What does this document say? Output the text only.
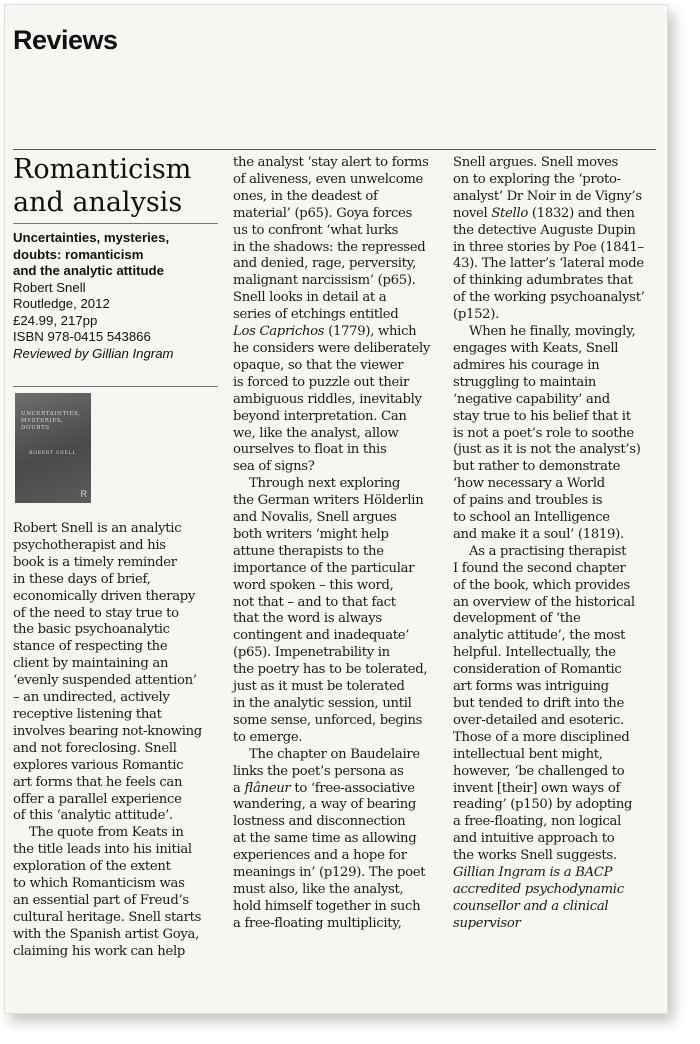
Reviews
Romanticism
and analysis
Uncertainties, mysteries,
doubts: romanticism
and the analytic attitude
Robert Snell
Routledge, 2012
£24.99, 217pp
ISBN 978-0415 543866
Reviewed by Gillian Ingram
UNCERTAINTIES, MYSTERIES, DOUBTS
ROBERT SNELL
R

Robert Snell is an analytic
psychotherapist and his
book is a timely reminder
in these days of brief,
economically driven therapy
of the need to stay true to
the basic psychoanalytic
stance of respecting the
client by maintaining an
‘evenly suspended attention’
– an undirected, actively
receptive listening that
involves bearing not-knowing
and not foreclosing. Snell
explores various Romantic
art forms that he feels can
offer a parallel experience
of this ‘analytic attitude’.

The quote from Keats in
the title leads into his initial
exploration of the extent
to which Romanticism was
an essential part of Freud’s
cultural heritage. Snell starts
with the Spanish artist Goya,
claiming his work can help

the analyst ‘stay alert to forms
of aliveness, even unwelcome
ones, in the deadest of
material’ (p65). Goya forces
us to confront ‘what lurks
in the shadows: the repressed
and denied, rage, perversity,
malignant narcissism’ (p65).
Snell looks in detail at a
series of etchings entitled
Los Caprichos (1779), which
he considers were deliberately
opaque, so that the viewer
is forced to puzzle out their
ambiguous riddles, inevitably
beyond interpretation. Can
we, like the analyst, allow
ourselves to float in this
sea of signs?

Through next exploring
the German writers Hölderlin
and Novalis, Snell argues
both writers ‘might help
attune therapists to the
importance of the particular
word spoken – this word,
not that – and to that fact
that the word is always
contingent and inadequate’
(p65). Impenetrability in
the poetry has to be tolerated,
just as it must be tolerated
in the analytic session, until
some sense, unforced, begins
to emerge.

The chapter on Baudelaire
links the poet’s persona as
a flâneur to ‘free-associative
wandering, a way of bearing
lostness and disconnection
at the same time as allowing
experiences and a hope for
meanings in’ (p129). The poet
must also, like the analyst,
hold himself together in such
a free-floating multiplicity,

Snell argues. Snell moves
on to exploring the ‘proto-
analyst’ Dr Noir in de Vigny’s
novel Stello (1832) and then
the detective Auguste Dupin
in three stories by Poe (1841–
43). The latter’s ‘lateral mode
of thinking adumbrates that
of the working psychoanalyst’
(p152).

When he finally, movingly,
engages with Keats, Snell
admires his courage in
struggling to maintain
‘negative capability’ and
stay true to his belief that it
is not a poet’s role to soothe
(just as it is not the analyst’s)
but rather to demonstrate
‘how necessary a World
of pains and troubles is
to school an Intelligence
and make it a soul’ (1819).

As a practising therapist
I found the second chapter
of the book, which provides
an overview of the historical
development of ‘the
analytic attitude’, the most
helpful. Intellectually, the
consideration of Romantic
art forms was intriguing
but tended to drift into the
over-detailed and esoteric.
Those of a more disciplined
intellectual bent might,
however, ‘be challenged to
invent [their] own ways of
reading’ (p150) by adopting
a free-floating, non logical
and intuitive approach to
the works Snell suggests.

Gillian Ingram is a BACP
accredited psychodynamic
counsellor and a clinical
supervisor
